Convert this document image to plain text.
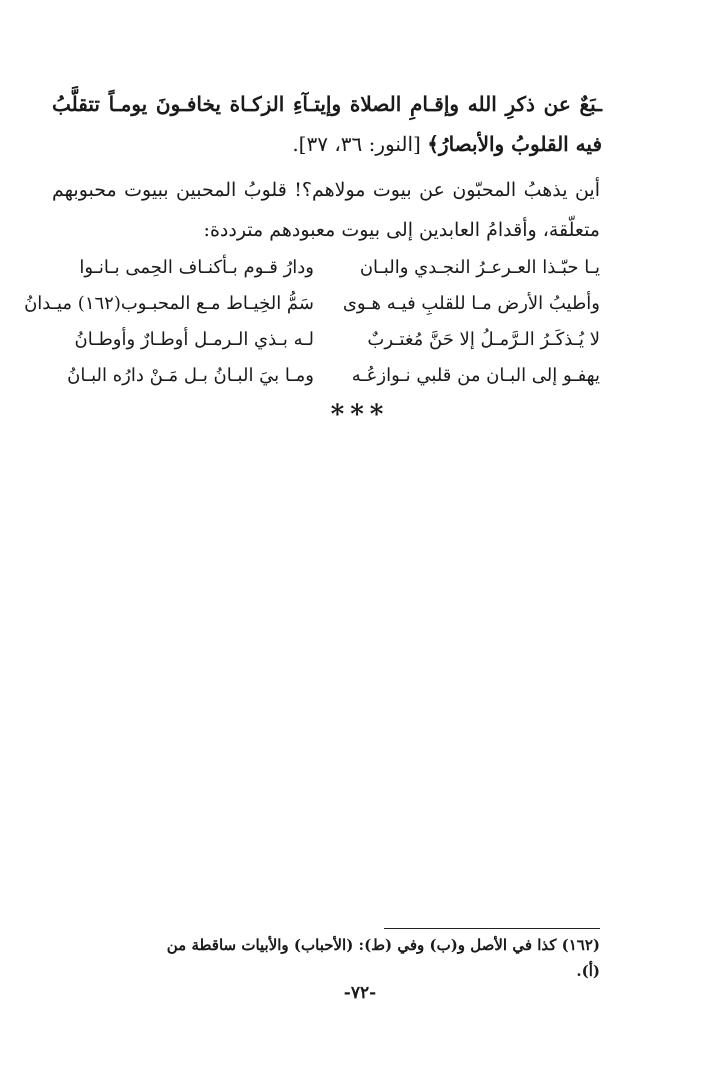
ـبَعٌ عن ذكرِ الله وإقـامِ الصلاة وإيتـآءِ الزكـاة يخافـونَ يومـاً تتقلَّبُ فيه القلوبُ والأبصارُ﴾ [النور: ٣٦، ٣٧].

أين يذهبُ المحبّون عن بيوت مولاهم؟! قلوبُ المحبين ببيوت محبوبهم متعلّقة، وأقدامُ العابدين إلى بيوت معبودهم مترددة:

يـا حبّـذا العـرعـرُ النجـدي والبـان
ودارُ قـوم بـأكنـاف الحِمى بـانـوا
وأطيبُ الأرض مـا للقلبِ فيـه هـوى
سَمُّ الخِيـاط مـع المحبـوب(١٦٢) ميـدانُ
لا يُـذكَـرُ الـرَّمـلُ إلا حَنَّ مُغتـربٌ
لـه بـذي الـرمـل أوطـارٌ وأوطـانُ
يهفـو إلى البـان من قلبي نـوازعُـه
ومـا بيَ البـانُ بـل مَـنْ دارُه البـانُ
***
(١٦٢) كذا في الأصل و(ب) وفي (ط): (الأحباب) والأبيات ساقطة من (أ).
-٧٢-
